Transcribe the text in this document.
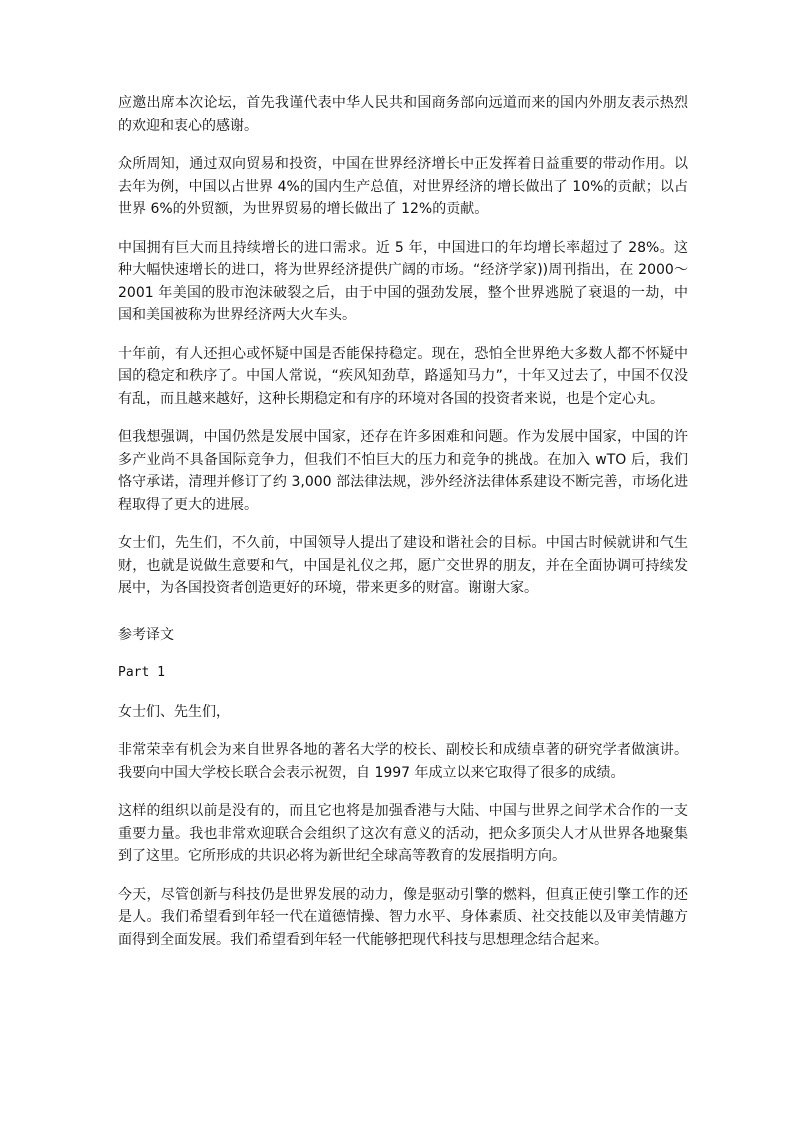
应邀出席本次论坛，首先我谨代表中华人民共和国商务部向远道而来的国内外朋友表示热烈的欢迎和衷心的感谢。

众所周知，通过双向贸易和投资，中国在世界经济增长中正发挥着日益重要的带动作用。以去年为例，中国以占世界 4%的国内生产总值，对世界经济的增长做出了 10%的贡献；以占世界 6%的外贸额，为世界贸易的增长做出了 12%的贡献。

中国拥有巨大而且持续增长的进口需求。近 5 年，中国进口的年均增长率超过了 28%。这种大幅快速增长的进口，将为世界经济提供广阔的市场。“经济学家))周刊指出，在 2000～2001 年美国的股市泡沫破裂之后，由于中国的强劲发展，整个世界逃脱了衰退的一劫，中国和美国被称为世界经济两大火车头。

十年前，有人还担心或怀疑中国是否能保持稳定。现在，恐怕全世界绝大多数人都不怀疑中国的稳定和秩序了。中国人常说，“疾风知劲草，路遥知马力”，十年又过去了，中国不仅没有乱，而且越来越好，这种长期稳定和有序的环境对各国的投资者来说，也是个定心丸。

但我想强调，中国仍然是发展中国家，还存在许多困难和问题。作为发展中国家，中国的许多产业尚不具备国际竞争力，但我们不怕巨大的压力和竞争的挑战。在加入 wTO 后，我们恪守承诺，清理并修订了约 3,000 部法律法规，涉外经济法律体系建设不断完善，市场化进程取得了更大的进展。

女士们，先生们，不久前，中国领导人提出了建设和谐社会的目标。中国古时候就讲和气生财，也就是说做生意要和气，中国是礼仪之邦，愿广交世界的朋友，并在全面协调可持续发展中，为各国投资者创造更好的环境，带来更多的财富。谢谢大家。

参考译文

Part 1

女士们、先生们，

非常荣幸有机会为来自世界各地的著名大学的校长、副校长和成绩卓著的研究学者做演讲。我要向中国大学校长联合会表示祝贺，自 1997 年成立以来它取得了很多的成绩。

这样的组织以前是没有的，而且它也将是加强香港与大陆、中国与世界之间学术合作的一支重要力量。我也非常欢迎联合会组织了这次有意义的活动，把众多顶尖人才从世界各地聚集到了这里。它所形成的共识必将为新世纪全球高等教育的发展指明方向。

今天，尽管创新与科技仍是世界发展的动力，像是驱动引擎的燃料，但真正使引擎工作的还是人。我们希望看到年轻一代在道德情操、智力水平、身体素质、社交技能以及审美情趣方面得到全面发展。我们希望看到年轻一代能够把现代科技与思想理念结合起来。
